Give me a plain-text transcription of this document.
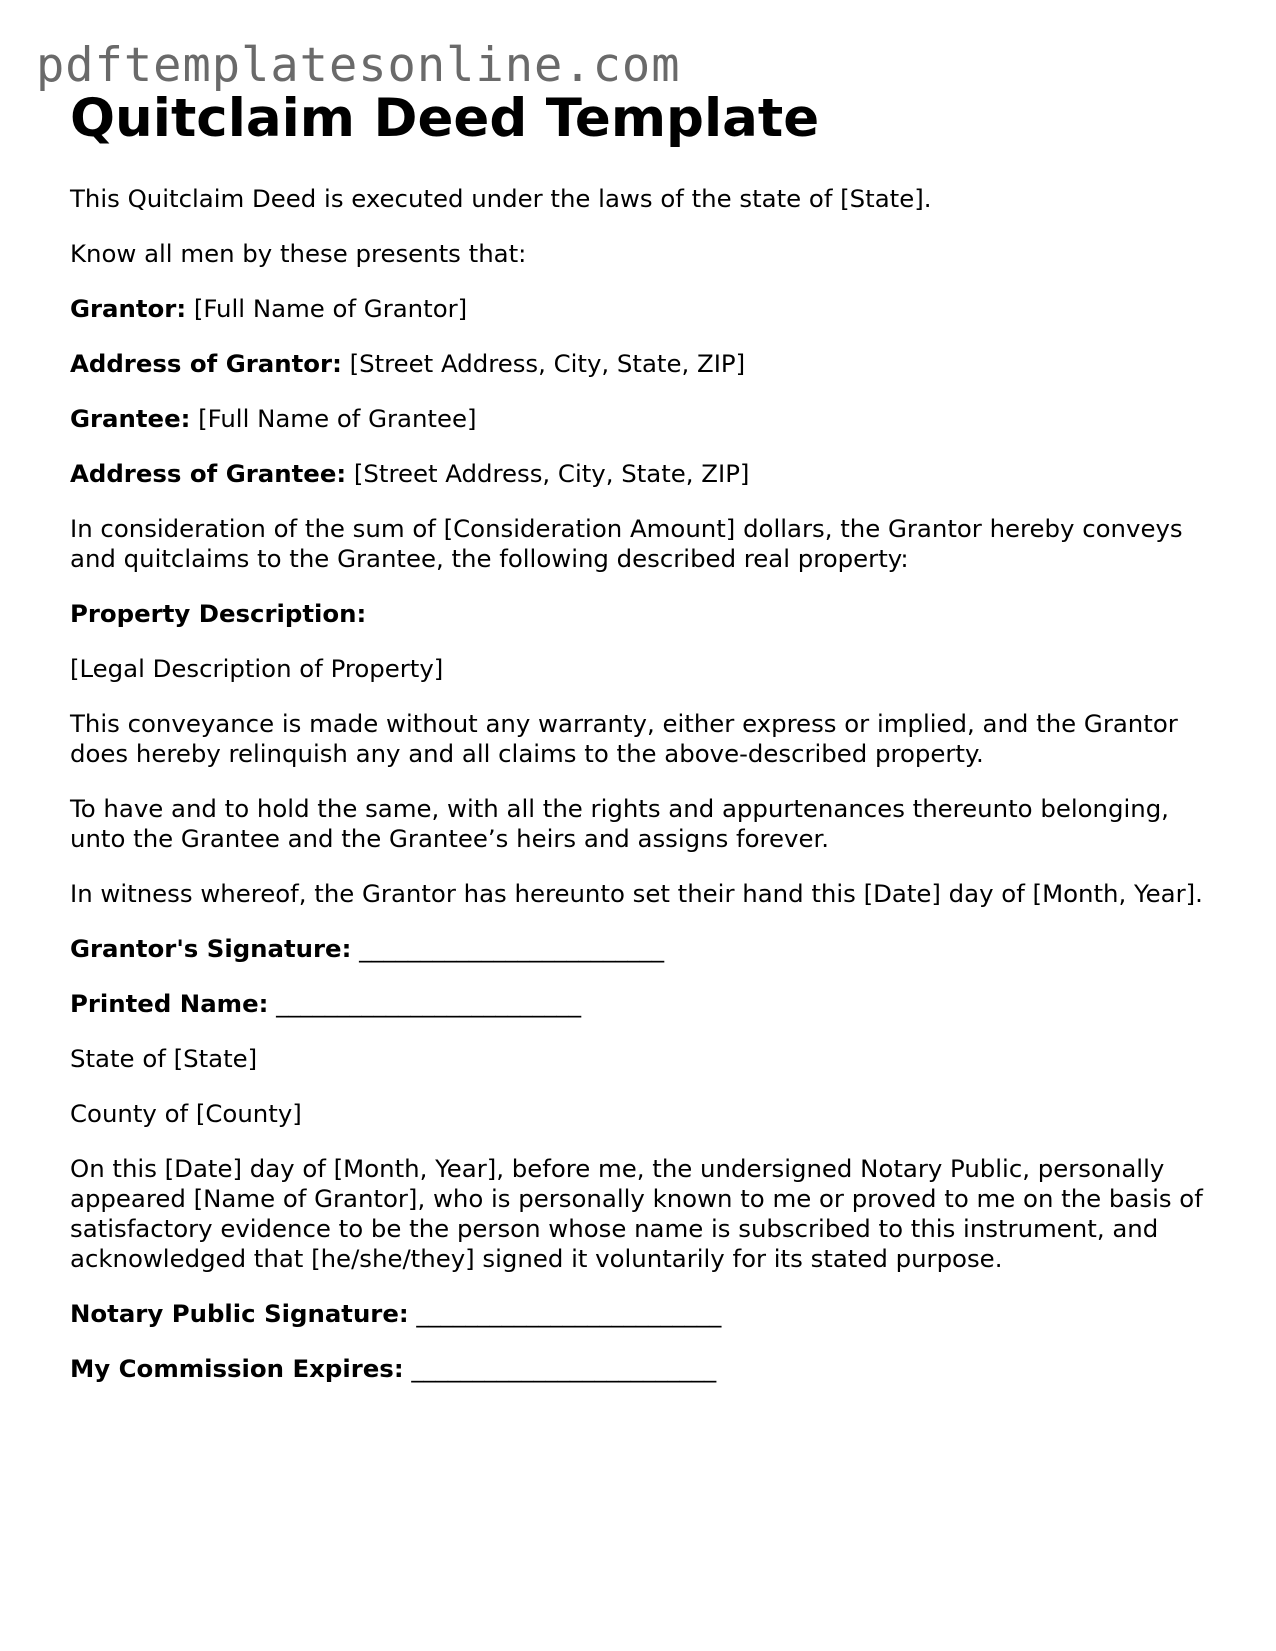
pdftemplatesonline.com
Quitclaim Deed Template

This Quitclaim Deed is executed under the laws of the state of [State].

Know all men by these presents that:

Grantor: [Full Name of Grantor]

Address of Grantor: [Street Address, City, State, ZIP]

Grantee: [Full Name of Grantee]

Address of Grantee: [Street Address, City, State, ZIP]

In consideration of the sum of [Consideration Amount] dollars, the Grantor hereby conveys and quitclaims to the Grantee, the following described real property:

Property Description:

[Legal Description of Property]

This conveyance is made without any warranty, either express or implied, and the Grantor does hereby relinquish any and all claims to the above-described property.

To have and to hold the same, with all the rights and appurtenances thereunto belonging, unto the Grantee and the Grantee’s heirs and assigns forever.

In witness whereof, the Grantor has hereunto set their hand this [Date] day of [Month, Year].

Grantor's Signature: _________________________

Printed Name: _________________________

State of [State]

County of [County]

On this [Date] day of [Month, Year], before me, the undersigned Notary Public, personally appeared [Name of Grantor], who is personally known to me or proved to me on the basis of satisfactory evidence to be the person whose name is subscribed to this instrument, and acknowledged that [he/she/they] signed it voluntarily for its stated purpose.

Notary Public Signature: _________________________

My Commission Expires: _________________________
